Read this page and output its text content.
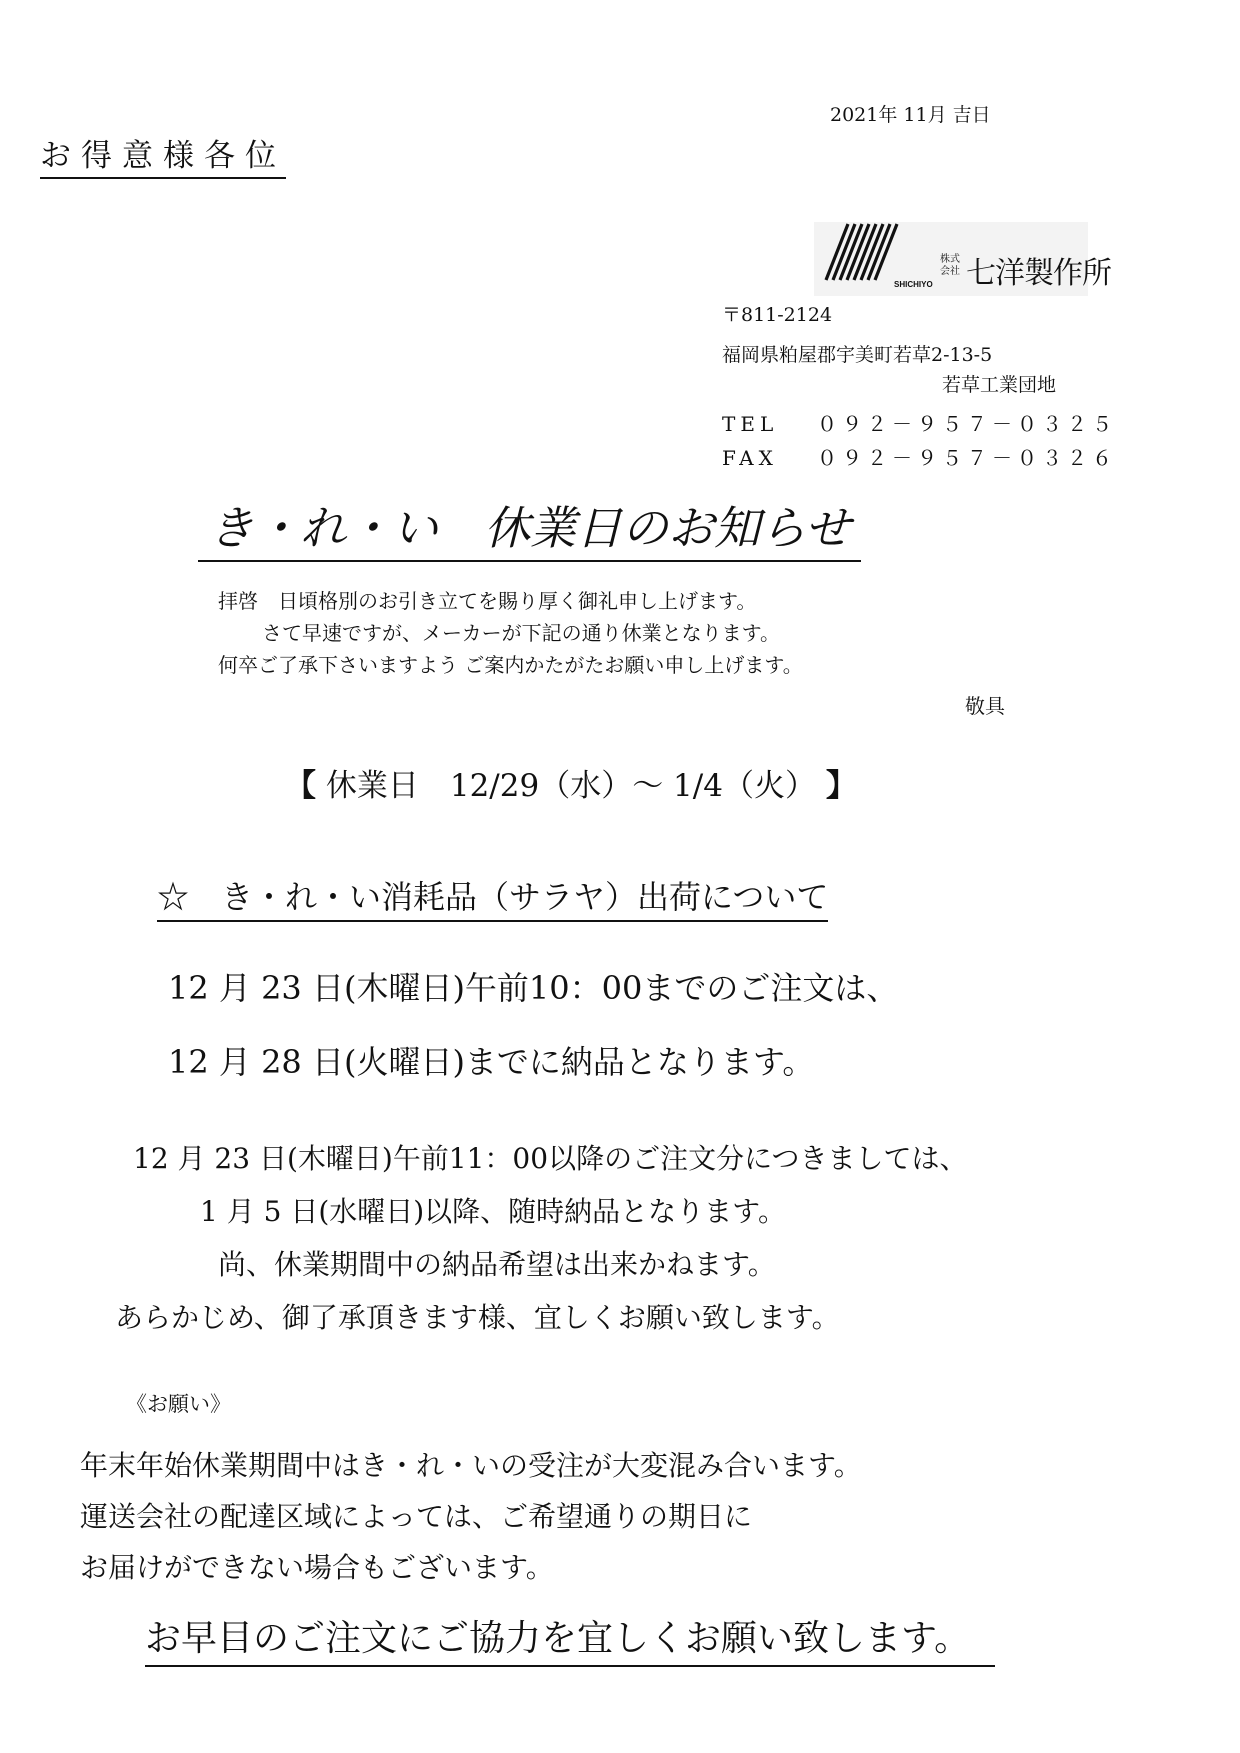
2021年 11月 吉日
お得意様各位
SHICHIYO
株式会社 七洋製作所
〒811-2124
福岡県粕屋郡宇美町若草2-13-5
若草工業団地
TEL ０９２－９５７－０３２５
FAX ０９２－９５７－０３２６
き・れ・い　休業日のお知らせ
拝啓　日頃格別のお引き立てを賜り厚く御礼申し上げます。
さて早速ですが、メーカーが下記の通り休業となります。
何卒ご了承下さいますよう ご案内かたがたお願い申し上げます。
敬具
【 休業日　12/29（水）～ 1/4（火） 】
☆　き・れ・い消耗品（サラヤ）出荷について
12 月 23 日(木曜日)午前10：00までのご注文は、
12 月 28 日(火曜日)までに納品となります。
12 月 23 日(木曜日)午前11：00以降のご注文分につきましては、
1 月 5 日(水曜日)以降、随時納品となります。
尚、休業期間中の納品希望は出来かねます。
あらかじめ、御了承頂きます様、宜しくお願い致します。
《お願い》
年末年始休業期間中はき・れ・いの受注が大変混み合います。
運送会社の配達区域によっては、ご希望通りの期日に
お届けができない場合もございます。
お早目のご注文にご協力を宜しくお願い致します。
